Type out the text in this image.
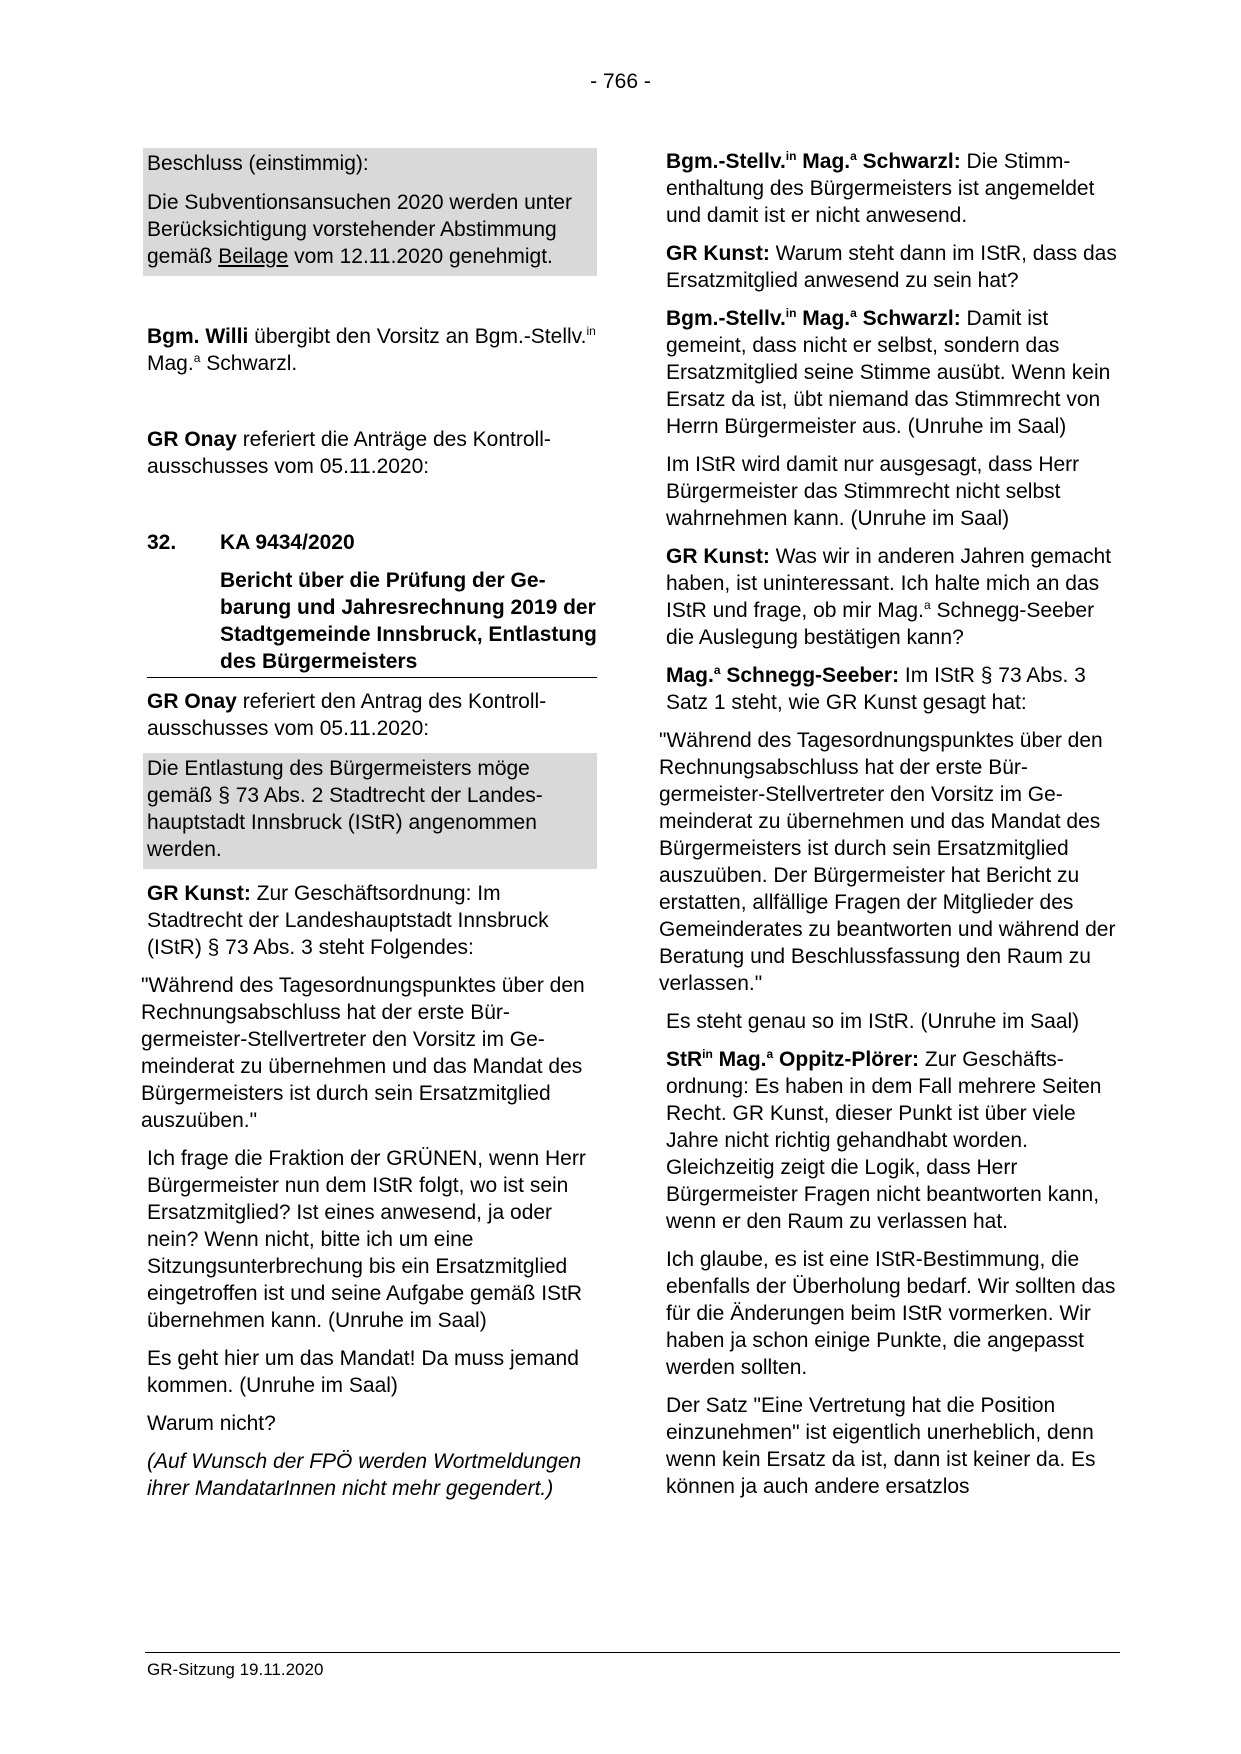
- 766 -

Beschluss (einstimmig):

Die Subventionsansuchen 2020 werden unter Berücksichtigung vorstehender Abstimmung gemäß Beilage vom 12.11.2020 genehmigt.

Bgm. Willi übergibt den Vorsitz an Bgm.-Stellv.$^{in}$ Mag.$^a$ Schwarzl.

GR Onay referiert die Anträge des Kontrollausschusses vom 05.11.2020:

32.	KA 9434/2020
Bericht über die Prüfung der Gebarung und Jahresrechnung 2019 der Stadtgemeinde Innsbruck, Entlastung des Bürgermeisters

GR Onay referiert den Antrag des Kontrollausschusses vom 05.11.2020:

Die Entlastung des Bürgermeisters möge gemäß § 73 Abs. 2 Stadtrecht der Landeshauptstadt Innsbruck (IStR) angenommen werden.

GR Kunst: Zur Geschäftsordnung: Im Stadtrecht der Landeshauptstadt Innsbruck (IStR) § 73 Abs. 3 steht Folgendes:

"Während des Tagesordnungspunktes über den Rechnungsabschluss hat der erste Bürgermeister-Stellvertreter den Vorsitz im Gemeinderat zu übernehmen und das Mandat des Bürgermeisters ist durch sein Ersatzmitglied auszuüben."

Ich frage die Fraktion der GRÜNEN, wenn Herr Bürgermeister nun dem IStR folgt, wo ist sein Ersatzmitglied? Ist eines anwesend, ja oder nein? Wenn nicht, bitte ich um eine Sitzungsunterbrechung bis ein Ersatzmitglied eingetroffen ist und seine Aufgabe gemäß IStR übernehmen kann. (Unruhe im Saal)

Es geht hier um das Mandat! Da muss jemand kommen. (Unruhe im Saal)

Warum nicht?

(Auf Wunsch der FPÖ werden Wortmeldungen ihrer MandatarInnen nicht mehr gegendert.)

Bgm.-Stellv.$^{in}$ Mag.$^a$ Schwarzl: Die Stimmenthaltung des Bürgermeisters ist angemeldet und damit ist er nicht anwesend.

GR Kunst: Warum steht dann im IStR, dass das Ersatzmitglied anwesend zu sein hat?

Bgm.-Stellv.$^{in}$ Mag.$^a$ Schwarzl: Damit ist gemeint, dass nicht er selbst, sondern das Ersatzmitglied seine Stimme ausübt. Wenn kein Ersatz da ist, übt niemand das Stimmrecht von Herrn Bürgermeister aus. (Unruhe im Saal)

Im IStR wird damit nur ausgesagt, dass Herr Bürgermeister das Stimmrecht nicht selbst wahrnehmen kann. (Unruhe im Saal)

GR Kunst: Was wir in anderen Jahren gemacht haben, ist uninteressant. Ich halte mich an das IStR und frage, ob mir Mag.$^a$ Schnegg-Seeber die Auslegung bestätigen kann?

Mag.$^a$ Schnegg-Seeber: Im IStR § 73 Abs. 3 Satz 1 steht, wie GR Kunst gesagt hat:

"Während des Tagesordnungspunktes über den Rechnungsabschluss hat der erste Bürgermeister-Stellvertreter den Vorsitz im Gemeinderat zu übernehmen und das Mandat des Bürgermeisters ist durch sein Ersatzmitglied auszuüben. Der Bürgermeister hat Bericht zu erstatten, allfällige Fragen der Mitglieder des Gemeinderates zu beantworten und während der Beratung und Beschlussfassung den Raum zu verlassen."

Es steht genau so im IStR. (Unruhe im Saal)

StR$^{in}$ Mag.$^a$ Oppitz-Plörer: Zur Geschäftsordnung: Es haben in dem Fall mehrere Seiten Recht. GR Kunst, dieser Punkt ist über viele Jahre nicht richtig gehandhabt worden. Gleichzeitig zeigt die Logik, dass Herr Bürgermeister Fragen nicht beantworten kann, wenn er den Raum zu verlassen hat.

Ich glaube, es ist eine IStR-Bestimmung, die ebenfalls der Überholung bedarf. Wir sollten das für die Änderungen beim IStR vormerken. Wir haben ja schon einige Punkte, die angepasst werden sollten.

Der Satz "Eine Vertretung hat die Position einzunehmen" ist eigentlich unerheblich, denn wenn kein Ersatz da ist, dann ist keiner da. Es können ja auch andere ersatzlos

GR-Sitzung 19.11.2020
